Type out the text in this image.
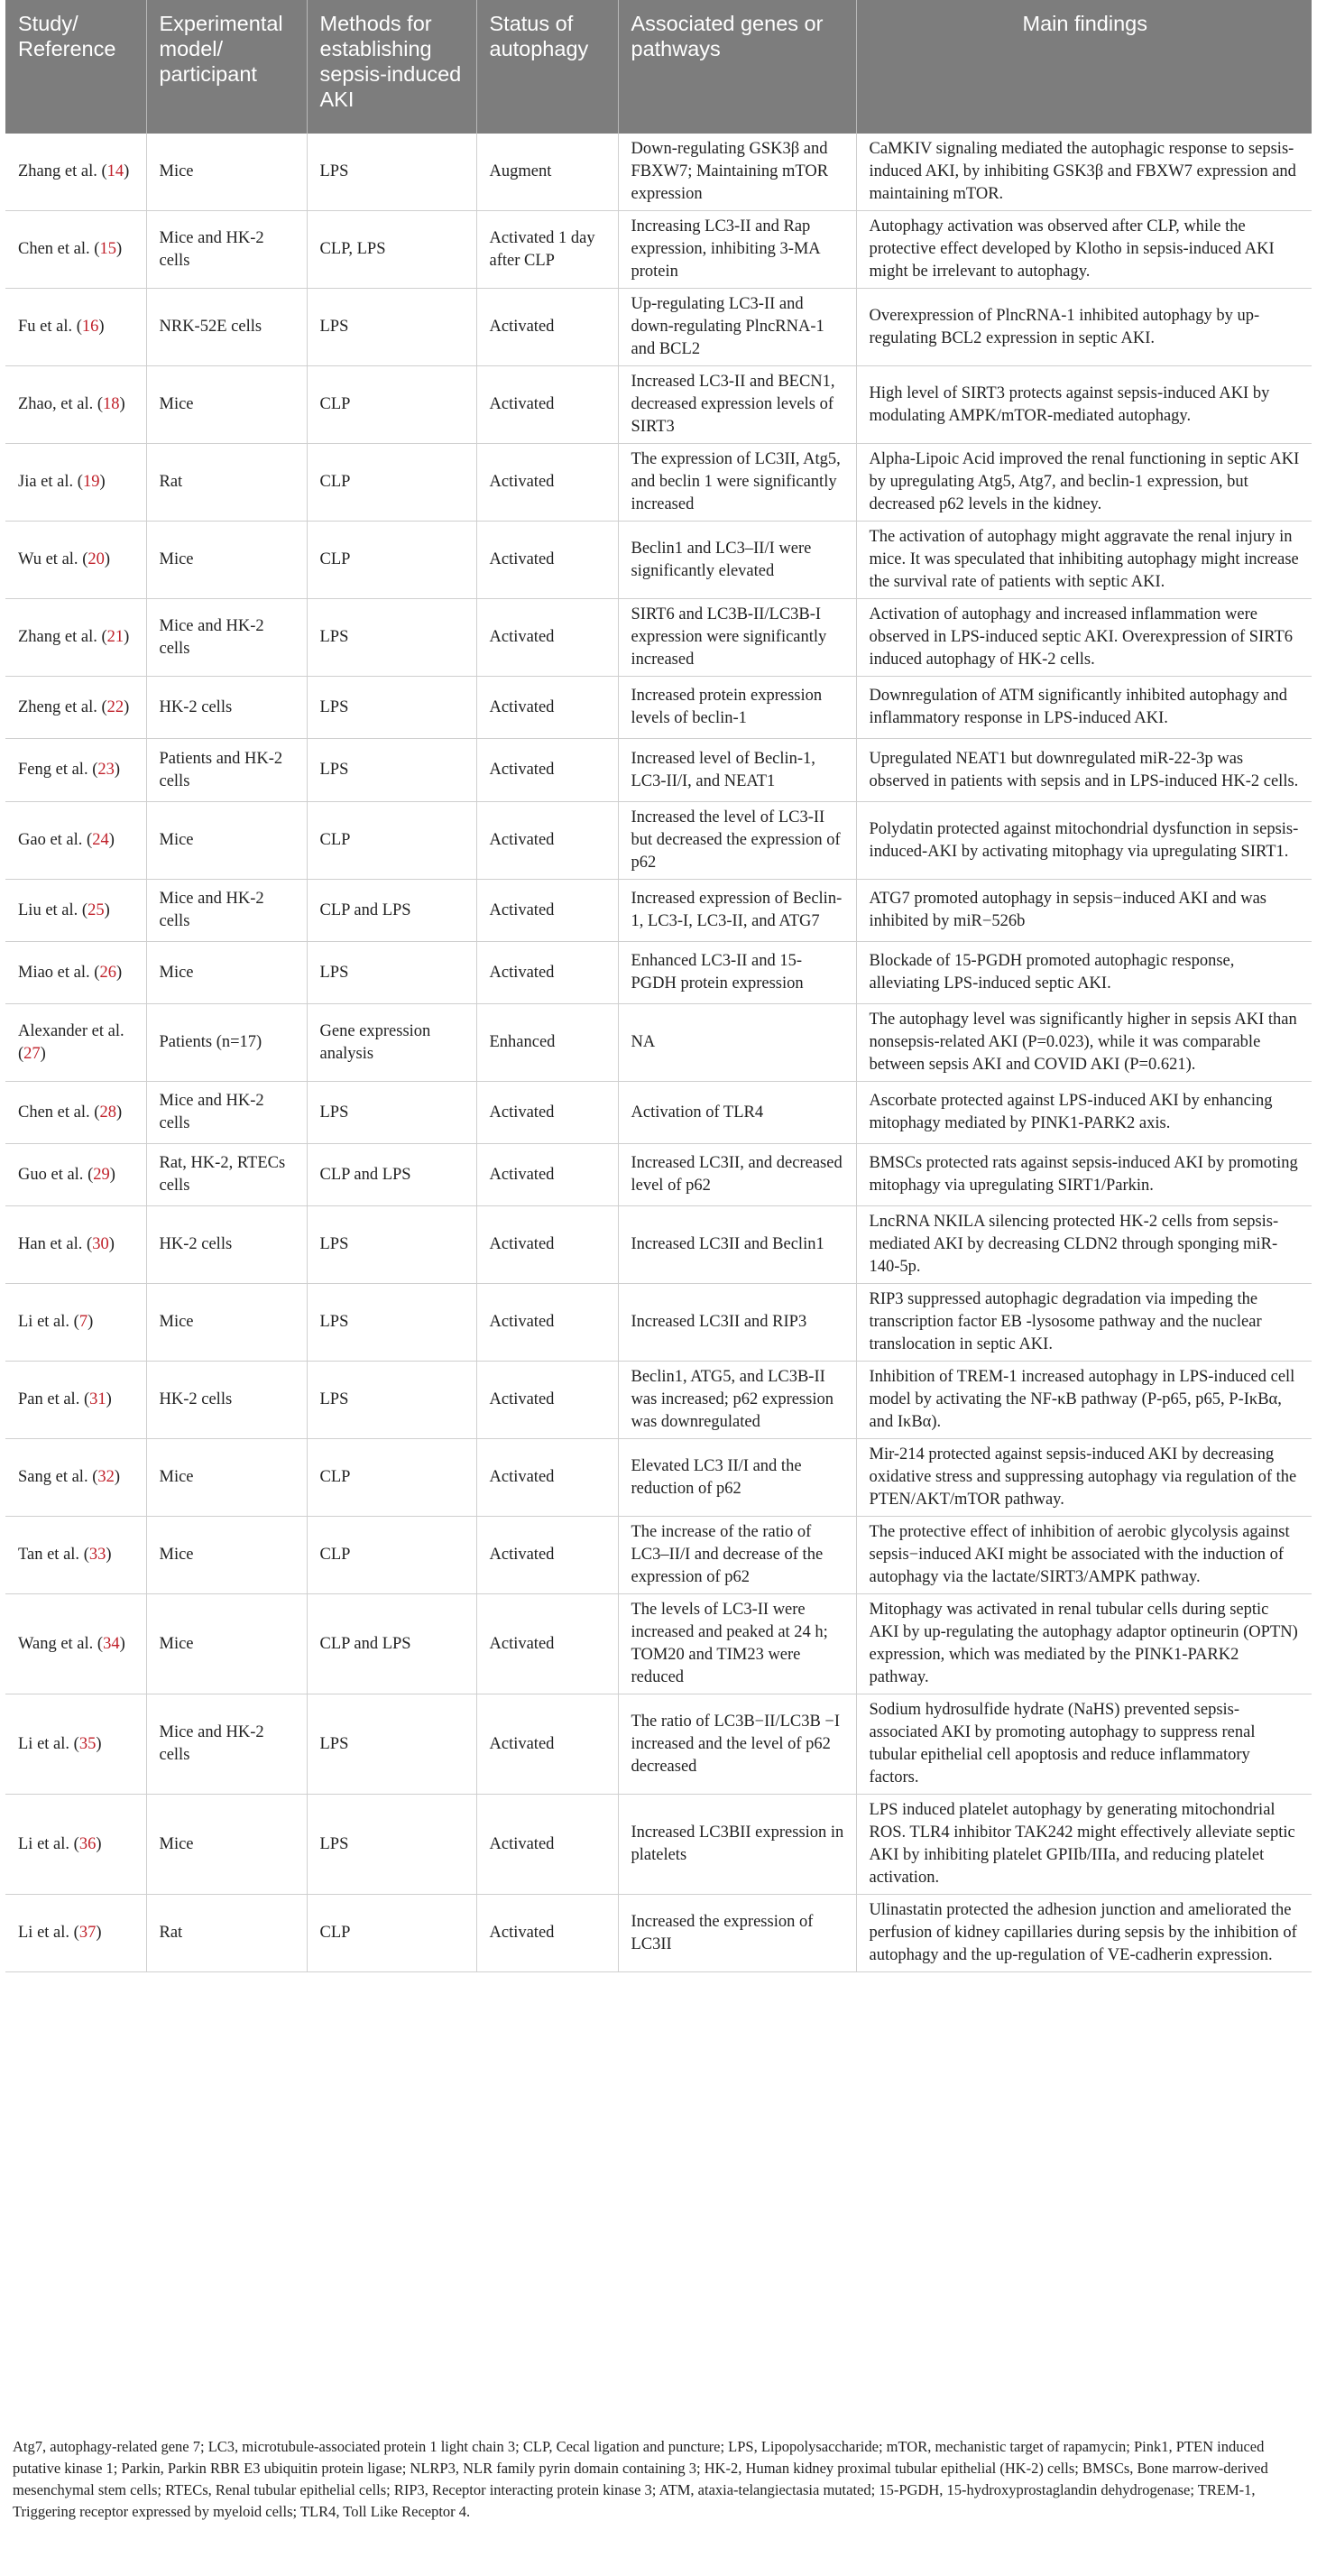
Study/ Reference	Experimental model/ participant	Methods for establishing sepsis-induced AKI	Status of autophagy	Associated genes or pathways	Main findings
Zhang et al. (14)	Mice	LPS	Augment	Down-regulating GSK3β and FBXW7; Maintaining mTOR expression	CaMKIV signaling mediated the autophagic response to sepsis-induced AKI, by inhibiting GSK3β and FBXW7 expression and maintaining mTOR.
Chen et al. (15)	Mice and HK-2 cells	CLP, LPS	Activated 1 day after CLP	Increasing LC3-II and Rap expression, inhibiting 3-MA protein	Autophagy activation was observed after CLP, while the protective effect developed by Klotho in sepsis-induced AKI might be irrelevant to autophagy.
Fu et al. (16)	NRK-52E cells	LPS	Activated	Up-regulating LC3-II and down-regulating PlncRNA-1 and BCL2	Overexpression of PlncRNA-1 inhibited autophagy by up-regulating BCL2 expression in septic AKI.
Zhao, et al. (18)	Mice	CLP	Activated	Increased LC3-II and BECN1, decreased expression levels of SIRT3	High level of SIRT3 protects against sepsis-induced AKI by modulating AMPK/mTOR-mediated autophagy.
Jia et al. (19)	Rat	CLP	Activated	The expression of LC3II, Atg5, and beclin 1 were significantly increased	Alpha-Lipoic Acid improved the renal functioning in septic AKI by upregulating Atg5, Atg7, and beclin-1 expression, but decreased p62 levels in the kidney.
Wu et al. (20)	Mice	CLP	Activated	Beclin1 and LC3–II/I were significantly elevated	The activation of autophagy might aggravate the renal injury in mice. It was speculated that inhibiting autophagy might increase the survival rate of patients with septic AKI.
Zhang et al. (21)	Mice and HK-2 cells	LPS	Activated	SIRT6 and LC3B-II/LC3B-I expression were significantly increased	Activation of autophagy and increased inflammation were observed in LPS-induced septic AKI. Overexpression of SIRT6 induced autophagy of HK-2 cells.
Zheng et al. (22)	HK-2 cells	LPS	Activated	Increased protein expression levels of beclin-1	Downregulation of ATM significantly inhibited autophagy and inflammatory response in LPS-induced AKI.
Feng et al. (23)	Patients and HK-2 cells	LPS	Activated	Increased level of Beclin-1, LC3-II/I, and NEAT1	Upregulated NEAT1 but downregulated miR-22-3p was observed in patients with sepsis and in LPS-induced HK-2 cells.
Gao et al. (24)	Mice	CLP	Activated	Increased the level of LC3-II but decreased the expression of p62	Polydatin protected against mitochondrial dysfunction in sepsis-induced-AKI by activating mitophagy via upregulating SIRT1.
Liu et al. (25)	Mice and HK-2 cells	CLP and LPS	Activated	Increased expression of Beclin-1, LC3-I, LC3-II, and ATG7	ATG7 promoted autophagy in sepsis−induced AKI and was inhibited by miR−526b
Miao et al. (26)	Mice	LPS	Activated	Enhanced LC3-II and 15-PGDH protein expression	Blockade of 15-PGDH promoted autophagic response, alleviating LPS-induced septic AKI.
Alexander et al. (27)	Patients (n=17)	Gene expression analysis	Enhanced	NA	The autophagy level was significantly higher in sepsis AKI than nonsepsis-related AKI (P=0.023), while it was comparable between sepsis AKI and COVID AKI (P=0.621).
Chen et al. (28)	Mice and HK-2 cells	LPS	Activated	Activation of TLR4	Ascorbate protected against LPS-induced AKI by enhancing mitophagy mediated by PINK1-PARK2 axis.
Guo et al. (29)	Rat, HK-2, RTECs cells	CLP and LPS	Activated	Increased LC3II, and decreased level of p62	BMSCs protected rats against sepsis-induced AKI by promoting mitophagy via upregulating SIRT1/Parkin.
Han et al. (30)	HK-2 cells	LPS	Activated	Increased LC3II and Beclin1	LncRNA NKILA silencing protected HK-2 cells from sepsis-mediated AKI by decreasing CLDN2 through sponging miR-140-5p.
Li et al. (7)	Mice	LPS	Activated	Increased LC3II and RIP3	RIP3 suppressed autophagic degradation via impeding the transcription factor EB -lysosome pathway and the nuclear translocation in septic AKI.
Pan et al. (31)	HK-2 cells	LPS	Activated	Beclin1, ATG5, and LC3B-II was increased; p62 expression was downregulated	Inhibition of TREM-1 increased autophagy in LPS-induced cell model by activating the NF-κB pathway (P-p65, p65, P-IκBα, and IκBα).
Sang et al. (32)	Mice	CLP	Activated	Elevated LC3 II/I and the reduction of p62	Mir-214 protected against sepsis-induced AKI by decreasing oxidative stress and suppressing autophagy via regulation of the PTEN/AKT/mTOR pathway.
Tan et al. (33)	Mice	CLP	Activated	The increase of the ratio of LC3–II/I and decrease of the expression of p62	The protective effect of inhibition of aerobic glycolysis against sepsis−induced AKI might be associated with the induction of autophagy via the lactate/SIRT3/AMPK pathway.
Wang et al. (34)	Mice	CLP and LPS	Activated	The levels of LC3-II were increased and peaked at 24 h; TOM20 and TIM23 were reduced	Mitophagy was activated in renal tubular cells during septic AKI by up-regulating the autophagy adaptor optineurin (OPTN) expression, which was mediated by the PINK1-PARK2 pathway.
Li et al. (35)	Mice and HK-2 cells	LPS	Activated	The ratio of LC3B−II/LC3B −I increased and the level of p62 decreased	Sodium hydrosulfide hydrate (NaHS) prevented sepsis-associated AKI by promoting autophagy to suppress renal tubular epithelial cell apoptosis and reduce inflammatory factors.
Li et al. (36)	Mice	LPS	Activated	Increased LC3BII expression in platelets	LPS induced platelet autophagy by generating mitochondrial ROS. TLR4 inhibitor TAK242 might effectively alleviate septic AKI by inhibiting platelet GPIIb/IIIa, and reducing platelet activation.
Li et al. (37)	Rat	CLP	Activated	Increased the expression of LC3II	Ulinastatin protected the adhesion junction and ameliorated the perfusion of kidney capillaries during sepsis by the inhibition of autophagy and the up-regulation of VE-cadherin expression.
Atg7, autophagy-related gene 7; LC3, microtubule-associated protein 1 light chain 3; CLP, Cecal ligation and puncture; LPS, Lipopolysaccharide; mTOR, mechanistic target of rapamycin; Pink1, PTEN induced putative kinase 1; Parkin, Parkin RBR E3 ubiquitin protein ligase; NLRP3, NLR family pyrin domain containing 3; HK-2, Human kidney proximal tubular epithelial (HK-2) cells; BMSCs, Bone marrow-derived mesenchymal stem cells; RTECs, Renal tubular epithelial cells; RIP3, Receptor interacting protein kinase 3; ATM, ataxia-telangiectasia mutated; 15-PGDH, 15-hydroxyprostaglandin dehydrogenase; TREM-1, Triggering receptor expressed by myeloid cells; TLR4, Toll Like Receptor 4.
